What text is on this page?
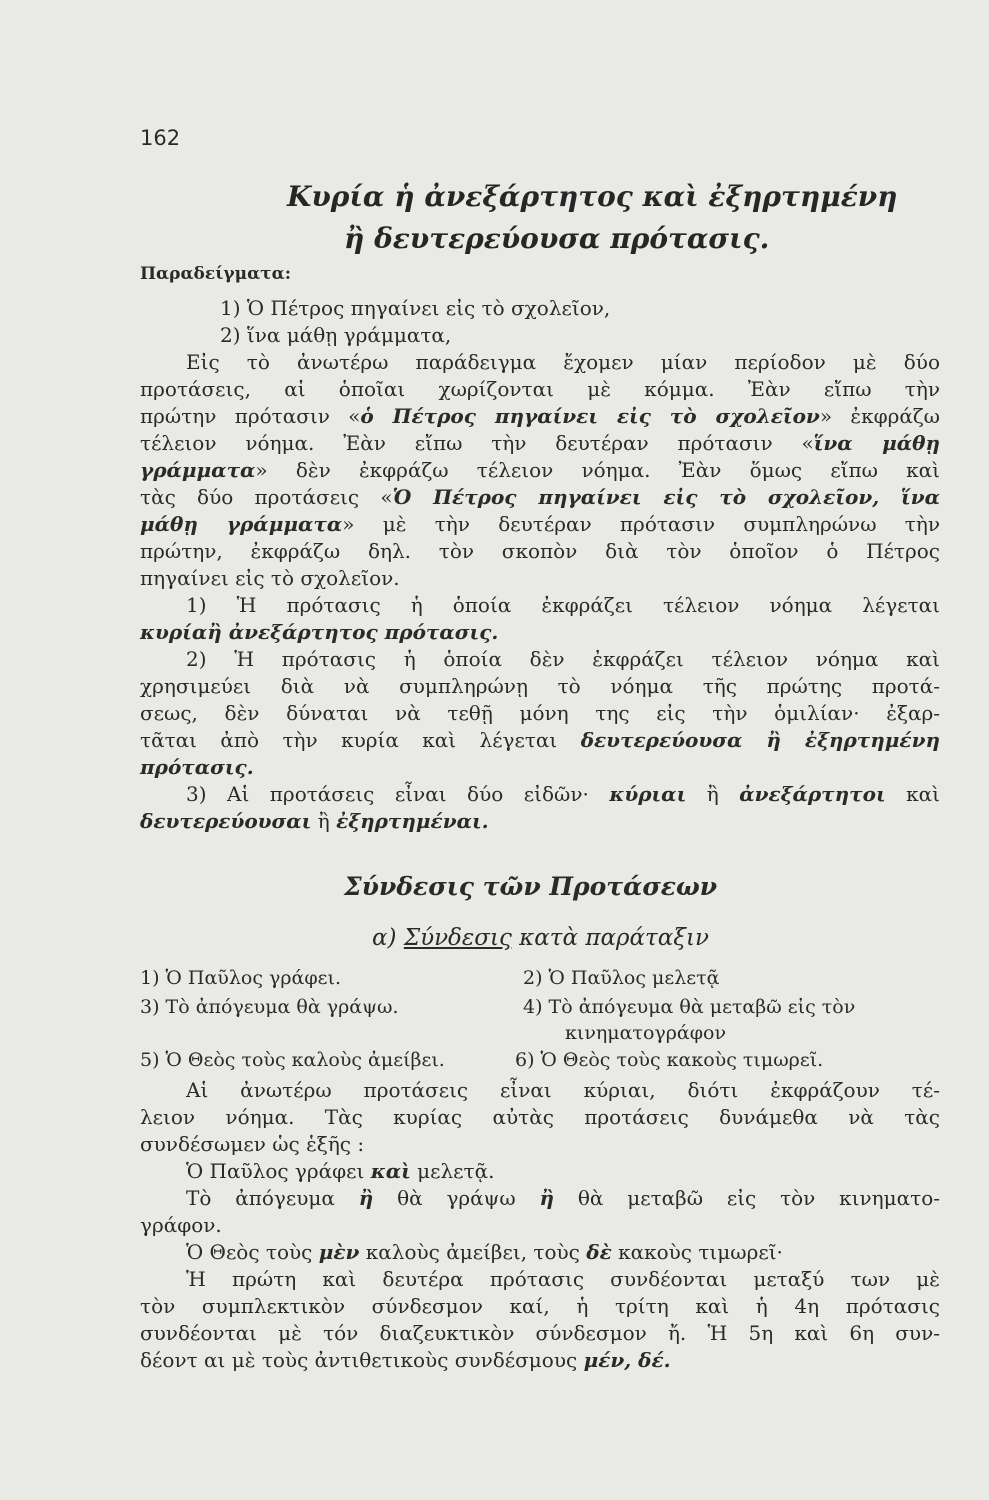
162
Κυρία ἡ ἀνεξάρτητος καὶ ἐξηρτημένη
ἢ δευτερεύουσα πρότασις.
Παραδείγματα:
1) Ὁ Πέτρος πηγαίνει εἰς τὸ σχολεῖον,
2) ἵνα μάθῃ γράμματα,
Εἰς τὸ ἀνωτέρω παράδειγμα ἔχομεν μίαν περίοδον μὲ δύο
προτάσεις, αἱ ὁποῖαι χωρίζονται μὲ κόμμα. Ἐὰν εἴπω τὴν
πρώτην πρότασιν «ὁ Πέτρος πηγαίνει εἰς τὸ σχολεῖον» ἐκφράζω
τέλειον νόημα. Ἐὰν εἴπω τὴν δευτέραν πρότασιν «ἵνα μάθῃ
γράμματα» δὲν ἐκφράζω τέλειον νόημα. Ἐὰν ὅμως εἴπω καὶ
τὰς δύο προτάσεις «Ὁ Πέτρος πηγαίνει εἰς τὸ σχολεῖον, ἵνα
μάθῃ γράμματα» μὲ τὴν δευτέραν πρότασιν συμπληρώνω τὴν
πρώτην, ἐκφράζω δηλ. τὸν σκοπὸν διὰ τὸν ὁποῖον ὁ Πέτρος
πηγαίνει εἰς τὸ σχολεῖον.
1) Ἡ πρότασις ἡ ὁποία ἐκφράζει τέλειον νόημα λέγεται
κυρίαἢ ἀνεξάρτητος πρότασις.
2) Ἡ πρότασις ἡ ὁποία δὲν ἐκφράζει τέλειον νόημα καὶ
χρησιμεύει διὰ νὰ συμπληρώνῃ τὸ νόημα τῆς πρώτης προτά-
σεως, δὲν δύναται νὰ τεθῇ μόνη της εἰς τὴν ὁμιλίαν· ἐξαρ-
τᾶται ἀπὸ τὴν κυρία καὶ λέγεται δευτερεύουσα ἢ ἐξηρτημένη
πρότασις.
3) Αἱ προτάσεις εἶναι δύο εἰδῶν· κύριαι ἢ ἀνεξάρτητοι καὶ
δευτερεύουσαι ἢ ἐξηρτημέναι.
Σύνδεσις τῶν Προτάσεων
α) Σύνδεσις κατὰ παράταξιν
1) Ὁ Παῦλος γράφει.	2) Ὁ Παῦλος μελετᾷ
3) Τὸ ἀπόγευμα θὰ γράψω.	4) Τὸ ἀπόγευμα θὰ μεταβῶ εἰς τὸν
κινηματογράφον
5) Ὁ Θεὸς τοὺς καλοὺς ἀμείβει.	6) Ὁ Θεὸς τοὺς κακοὺς τιμωρεῖ.
Αἱ ἀνωτέρω προτάσεις εἶναι κύριαι, διότι ἐκφράζουν τέ-
λειον νόημα. Τὰς κυρίας αὐτὰς προτάσεις δυνάμεθα νὰ τὰς
συνδέσωμεν ὡς ἑξῆς :
Ὁ Παῦλος γράφει καὶ μελετᾷ.
Τὸ ἀπόγευμα ἢ θὰ γράψω ἢ θὰ μεταβῶ εἰς τὸν κινηματο-
γράφον.
Ὁ Θεὸς τοὺς μὲν καλοὺς ἀμείβει, τοὺς δὲ κακοὺς τιμωρεῖ·
Ἡ πρώτη καὶ δευτέρα πρότασις συνδέονται μεταξύ των μὲ
τὸν συμπλεκτικὸν σύνδεσμον καί, ἡ τρίτη καὶ ἡ 4η πρότασις
συνδέονται μὲ τόν διαζευκτικὸν σύνδεσμον ἤ. Ἡ 5η καὶ 6η συν-
δέοντ αι μὲ τοὺς ἀντιθετικοὺς συνδέσμους μέν, δέ.
